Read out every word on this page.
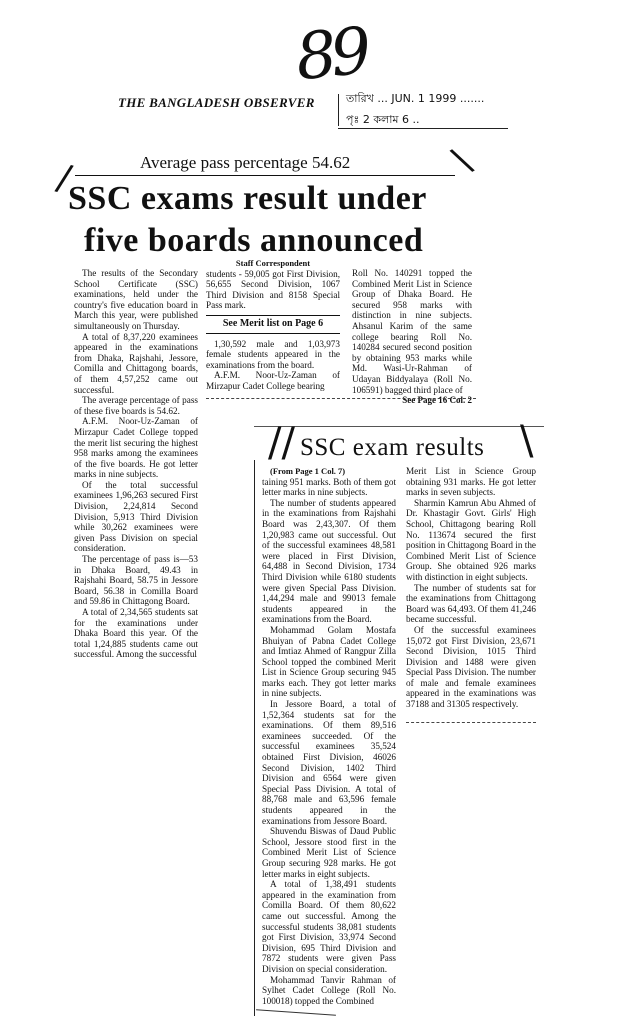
89
THE BANGLADESH OBSERVER	তারিখ ... JUN. 1 1999 .......
পৃঃ 2 কলাম 6 ..
/	\
Average pass percentage 54.62
SSC exams result under
five boards announced

The results of the Secondary School Certificate (SSC) examinations, held under the country's five education board in March this year, were published simultaneously on Thursday.

A total of 8,37,220 examinees appeared in the examinations from Dhaka, Rajshahi, Jessore, Comilla and Chittagong boards, of them 4,57,252 came out successful.

The average percentage of pass of these five boards is 54.62.

A.F.M. Noor-Uz-Zaman of Mirzapur Cadet College topped the merit list securing the highest 958 marks among the examinees of the five boards. He got letter marks in nine subjects.

Of the total successful examinees 1,96,263 secured First Division, 2,24,814 Second Division, 5,913 Third Division while 30,262 examinees were given Pass Division on special consideration.

The percentage of pass is—53 in Dhaka Board, 49.43 in Rajshahi Board, 58.75 in Jessore Board, 56.38 in Comilla Board and 59.86 in Chittagong Board.

A total of 2,34,565 students sat for the examinations under Dhaka Board this year. Of the total 1,24,885 students came out successful. Among the successful

Staff Correspondent

students - 59,005 got First Division, 56,655 Second Division, 1067 Third Division and 8158 Special Pass mark.

See Merit list on Page 6

1,30,592 male and 1,03,973 female students appeared in the examinations from the board.

A.F.M. Noor-Uz-Zaman of Mirzapur Cadet College bearing

Roll No. 140291 topped the Combined Merit List in Science Group of Dhaka Board. He secured 958 marks with distinction in nine subjects. Ahsanul Karim of the same college bearing Roll No. 140284 secured second position by obtaining 953 marks while Md. Wasi-Ur-Rahman of Udayan Biddyalaya (Roll No. 106591) bagged third place of

See Page 16 Col. 2

// SSC exam results \

(From Page 1 Col. 7)

taining 951 marks. Both of them got letter marks in nine subjects.

The number of students appeared in the examinations from Rajshahi Board was 2,43,307. Of them 1,20,983 came out successful. Out of the successful examinees 48,581 were placed in First Division, 64,488 in Second Division, 1734 Third Division while 6180 students were given Special Pass Division. 1,44,294 male and 99013 female students appeared in the examinations from the Board.

Mohammad Golam Mostafa Bhuiyan of Pabna Cadet College and Imtiaz Ahmed of Rangpur Zilla School topped the combined Merit List in Science Group securing 945 marks each. They got letter marks in nine subjects.

In Jessore Board, a total of 1,52,364 students sat for the examinations. Of them 89,516 examinees succeeded. Of the successful examinees 35,524 obtained First Division, 46026 Second Division, 1402 Third Division and 6564 were given Special Pass Division. A total of 88,768 male and 63,596 female students appeared in the examinations from Jessore Board.

Shuvendu Biswas of Daud Public School, Jessore stood first in the Combined Merit List of Science Group securing 928 marks. He got letter marks in eight subjects.

A total of 1,38,491 students appeared in the examination from Comilla Board. Of them 80,622 came out successful. Among the successful students 38,081 students got First Division, 33,974 Second Division, 695 Third Division and 7872 students were given Pass Division on special consideration.

Mohammad Tanvir Rahman of Sylhet Cadet College (Roll No. 100018) topped the Combined

Merit List in Science Group obtaining 931 marks. He got letter marks in seven subjects.

Sharmin Kamrun Abu Ahmed of Dr. Khastagir Govt. Girls' High School, Chittagong bearing Roll No. 113674 secured the first position in Chittagong Board in the Combined Merit List of Science Group. She obtained 926 marks with distinction in eight subjects.

The number of students sat for the examinations from Chittagong Board was 64,493. Of them 41,246 became successful.

Of the successful examinees 15,072 got First Division, 23,671 Second Division, 1015 Third Division and 1488 were given Special Pass Division. The number of male and female examinees appeared in the examinations was 37188 and 31305 respectively.
